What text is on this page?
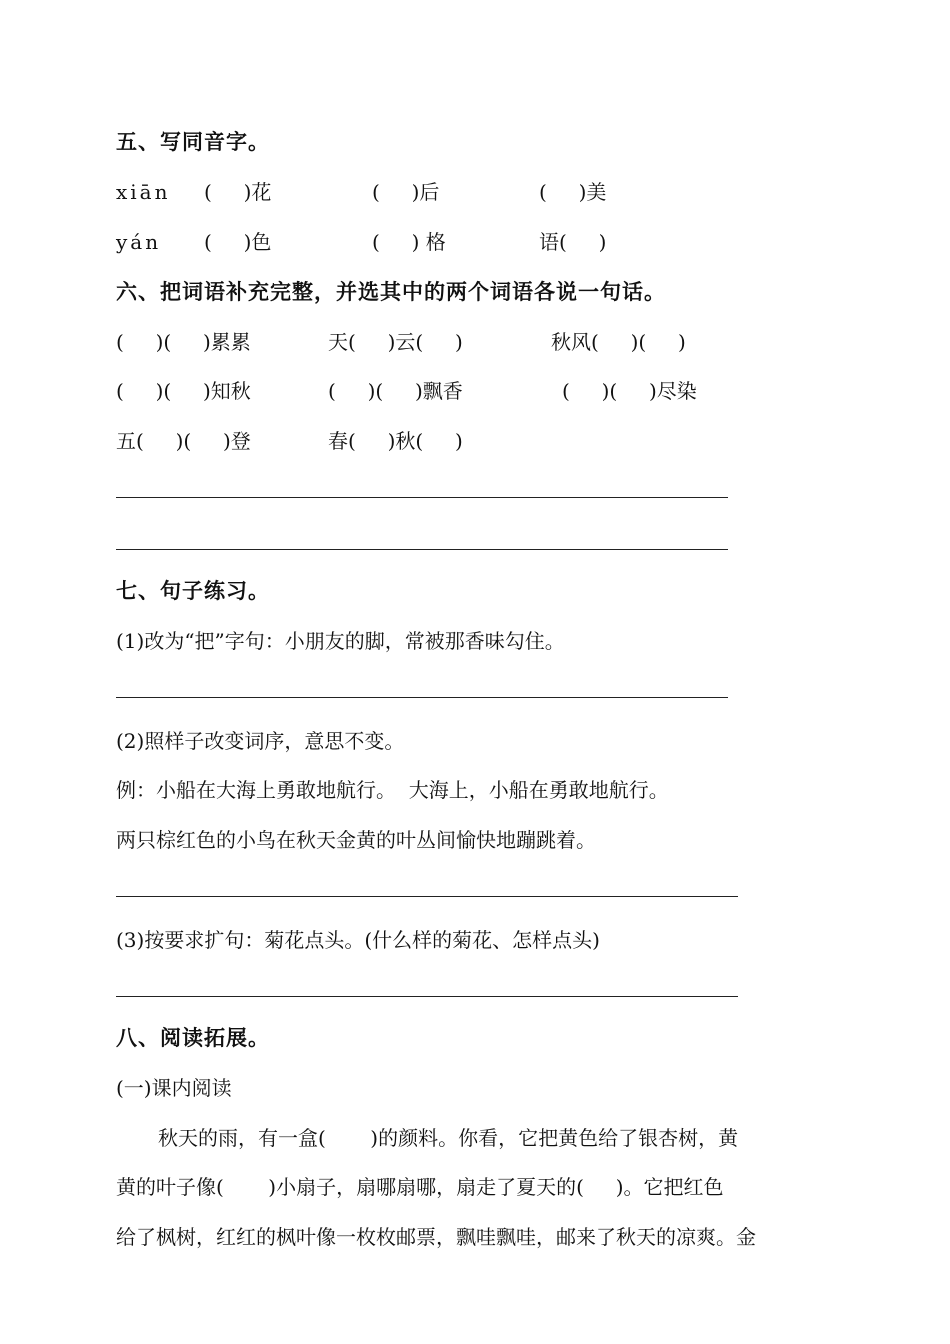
五、写同音字。
xiān (     )花	(     )后	(     )美
yán (     )色	(     ) 格	语(     )
六、把词语补充完整，并选其中的两个词语各说一句话。
(     )(     )累累	天(     )云(     )	秋风(     )(     )
(     )(     )知秋	(     )(     )飘香	(     )(     )尽染
五(     )(     )登	春(     )秋(     )
七、句子练习。
(1)改为“把”字句：小朋友的脚，常被那香味勾住。
(2)照样子改变词序，意思不变。
例：小船在大海上勇敢地航行。  大海上，小船在勇敢地航行。
两只棕红色的小鸟在秋天金黄的叶丛间愉快地蹦跳着。
(3)按要求扩句：菊花点头。(什么样的菊花、怎样点头)
八、阅读拓展。
(一)课内阅读
秋天的雨，有一盒(       )的颜料。你看，它把黄色给了银杏树，黄
黄的叶子像(       )小扇子，扇哪扇哪，扇走了夏天的(     )。它把红色
给了枫树，红红的枫叶像一枚枚邮票，飘哇飘哇，邮来了秋天的凉爽。金
